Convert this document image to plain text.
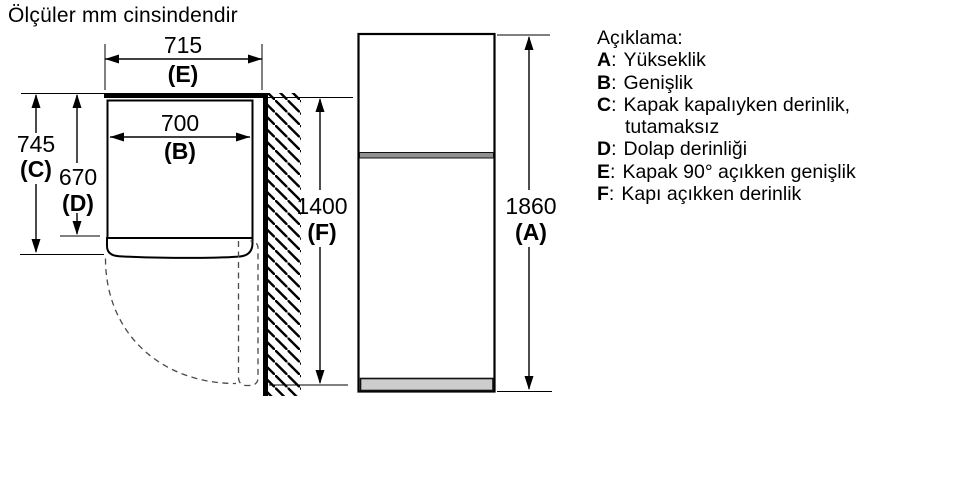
Ölçüler mm cinsindendir
715
(E)
700
(B)
745
(C) 670
(D)	1400
(F)
1860
(A)
Açıklama:
A: Yükseklik
B: Genişlik
C: Kapak kapalıyken derinlik,
tutamaksız
D: Dolap derinliği
E: Kapak 90° açıkken genişlik
F: Kapı açıkken derinlik
